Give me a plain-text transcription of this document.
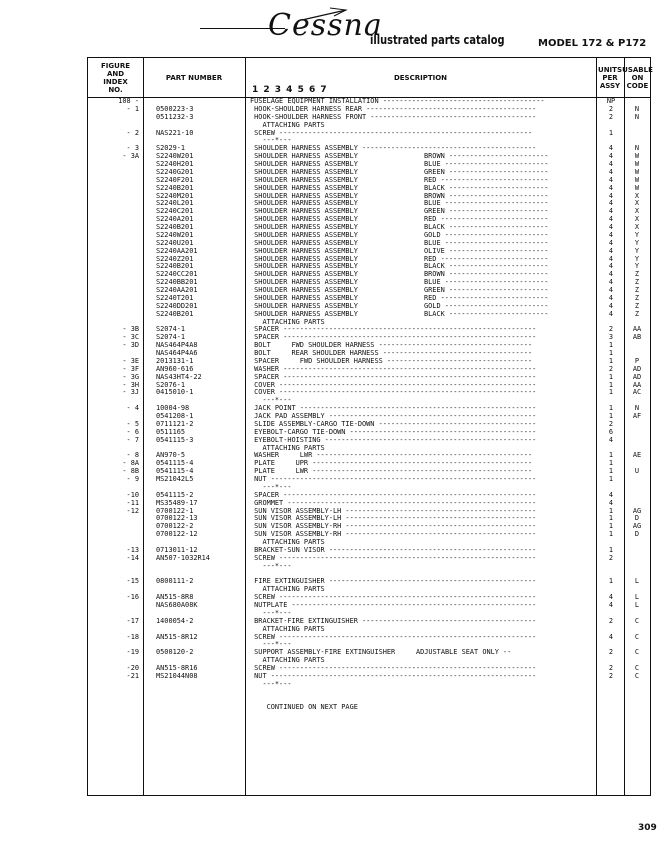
Cessna
illustrated parts catalog	MODEL 172 & P172
FIGURE
AND
INDEX
NO.
PART NUMBER	DESCRIPTION
1 2 3 4 5 6 7
UNITS
PER
ASSY
USABLE
ON
CODE
108 -	FUSELAGE EQUIPMENT INSTALLATION ---------------------------------------	NP
- 1 0500223-3	HOOK-SHOULDER HARNESS REAR -----------------------------------------	2	N
0511232-3	HOOK-SHOULDER HARNESS FRONT ----------------------------------------	2	N
ATTACHING PARTS
- 2 NAS221-10	SCREW -------------------------------------------------------------	1
---*---
- 3 S2029-1	SHOULDER HARNESS ASSEMBLY ------------------------------------------	4	N
- 3A S2240W201	SHOULDER HARNESS ASSEMBLY	BROWN ------------------------	4	W
S2240H201	SHOULDER HARNESS ASSEMBLY	BLUE -------------------------	4	W
S2240G201	SHOULDER HARNESS ASSEMBLY	GREEN ------------------------	4	W
S2240F201	SHOULDER HARNESS ASSEMBLY	RED --------------------------	4	W
S2240B201	SHOULDER HARNESS ASSEMBLY	BLACK ------------------------	4	W
S2240M201	SHOULDER HARNESS ASSEMBLY	BROWN ------------------------	4	X
S2240L201	SHOULDER HARNESS ASSEMBLY	BLUE -------------------------	4	X
S2240C201	SHOULDER HARNESS ASSEMBLY	GREEN ------------------------	4	X
S2240A201	SHOULDER HARNESS ASSEMBLY	RED --------------------------	4	X
S2240B201	SHOULDER HARNESS ASSEMBLY	BLACK ------------------------	4	X
S2240W201	SHOULDER HARNESS ASSEMBLY	GOLD -------------------------	4	Y
S2240U201	SHOULDER HARNESS ASSEMBLY	BLUE -------------------------	4	Y
S2240AA201	SHOULDER HARNESS ASSEMBLY	OLIVE ------------------------	4	Y
S2240Z201	SHOULDER HARNESS ASSEMBLY	RED --------------------------	4	Y
S2240B201	SHOULDER HARNESS ASSEMBLY	BLACK ------------------------	4	Y
S2240CC201	SHOULDER HARNESS ASSEMBLY	BROWN ------------------------	4	Z
S2240BB201	SHOULDER HARNESS ASSEMBLY	BLUE -------------------------	4	Z
S2240AA201	SHOULDER HARNESS ASSEMBLY	GREEN ------------------------	4	Z
S2240T201	SHOULDER HARNESS ASSEMBLY	RED --------------------------	4	Z
S2240DD201	SHOULDER HARNESS ASSEMBLY	GOLD -------------------------	4	Z
S2240B201	SHOULDER HARNESS ASSEMBLY	BLACK ------------------------	4	Z
ATTACHING PARTS
- 3B S2074-1	SPACER -------------------------------------------------------------	2	AA
- 3C S2074-1	SPACER -------------------------------------------------------------	3	AB
- 3D NAS464P4A8	BOLT     FWD SHOULDER HARNESS -------------------------------------	1
NAS464P4A6	BOLT     REAR SHOULDER HARNESS ------------------------------------	1
- 3E 2013131-1	SPACER     FWD SHOULDER HARNESS -----------------------------------	1	P
- 3F AN960-616	WASHER -------------------------------------------------------------	2	AD
- 3G NAS43HT4-22	SPACER -------------------------------------------------------------	1	AD
- 3H S2076-1	COVER --------------------------------------------------------------	1	AA
- 3J 0415010-1	COVER --------------------------------------------------------------	1	AC
---*---
- 4 10004-98	JACK POINT ---------------------------------------------------------	1	N
0541208-1	JACK PAD ASSEMBLY --------------------------------------------------	1	AF
- 5 0711121-2	SLIDE ASSEMBLY-CARGO TIE-DOWN --------------------------------------	2
- 6 0511165	EYEBOLT-CARGO TIE-DOWN ---------------------------------------------	6
- 7 0541115-3	EYEBOLT-HOISTING ---------------------------------------------------	4
ATTACHING PARTS
- 8 AN970-5	WASHER     LWR ----------------------------------------------------	1	AE
- 8A 0541115-4	PLATE     UPR -----------------------------------------------------	1
- 8B 0541115-4	PLATE     LWR -----------------------------------------------------	1	U
- 9 MS21042L5	NUT ----------------------------------------------------------------	1
---*---
-10 0541115-2	SPACER -------------------------------------------------------------	4
-11 MS35489-17	GROMMET ------------------------------------------------------------	4
-12 0700122-1	SUN VISOR ASSEMBLY-LH ----------------------------------------------	1	AG
0700122-13	SUN VISOR ASSEMBLY-LH ----------------------------------------------	1	D
0700122-2	SUN VISOR ASSEMBLY-RH ----------------------------------------------	1	AG
0700122-12	SUN VISOR ASSEMBLY-RH ----------------------------------------------	1	D
ATTACHING PARTS
-13 0713011-12	BRACKET-SUN VISOR --------------------------------------------------	1
-14 AN507-1032R14	SCREW --------------------------------------------------------------	2
---*---
-15 0800111-2	FIRE EXTINGUISHER --------------------------------------------------	1	L
ATTACHING PARTS
-16 AN515-8R8	SCREW --------------------------------------------------------------	4	L
NAS680A08K	NUTPLATE -----------------------------------------------------------	4	L
---*---
-17 1400054-2	BRACKET-FIRE EXTINGUISHER ------------------------------------------	2	C
ATTACHING PARTS
-18 AN515-8R12	SCREW --------------------------------------------------------------	4	C
---*---
-19 0500120-2	SUPPORT ASSEMBLY-FIRE EXTINGUISHER     ADJUSTABLE SEAT ONLY --	2	C
ATTACHING PARTS
-20 AN515-8R16	SCREW --------------------------------------------------------------	2	C
-21 MS21044N08	NUT ----------------------------------------------------------------	2	C
---*---
CONTINUED ON NEXT PAGE
309
